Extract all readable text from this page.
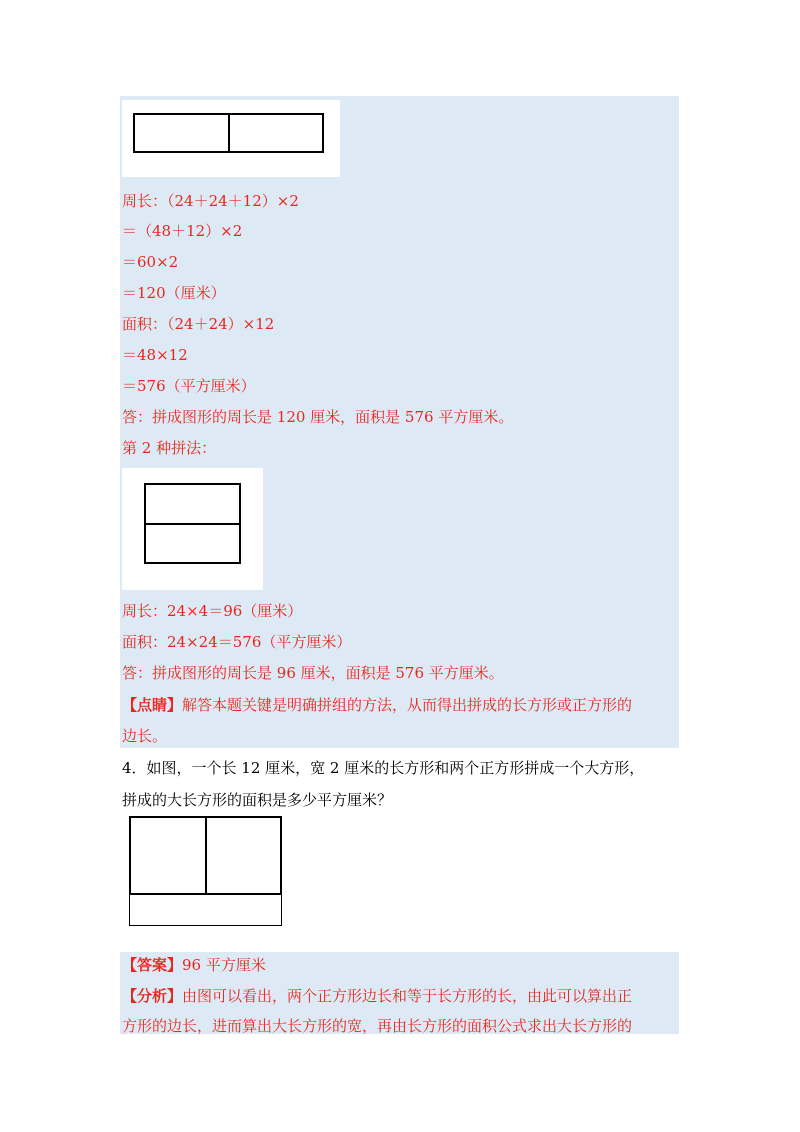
周长：（24＋24＋12）×2
＝（48＋12）×2
＝60×2
＝120（厘米）
面积：（24＋24）×12
＝48×12
＝576（平方厘米）
答：拼成图形的周长是 120 厘米，面积是 576 平方厘米。
第 2 种拼法：
周长：24×4＝96（厘米）
面积：24×24＝576（平方厘米）
答：拼成图形的周长是 96 厘米，面积是 576 平方厘米。
【点睛】解答本题关键是明确拼组的方法，从而得出拼成的长方形或正方形的
边长。
4．如图，一个长 12 厘米，宽 2 厘米的长方形和两个正方形拼成一个大方形，
拼成的大长方形的面积是多少平方厘米？
【答案】96 平方厘米
【分析】由图可以看出，两个正方形边长和等于长方形的长，由此可以算出正
方形的边长，进而算出大长方形的宽，再由长方形的面积公式求出大长方形的
